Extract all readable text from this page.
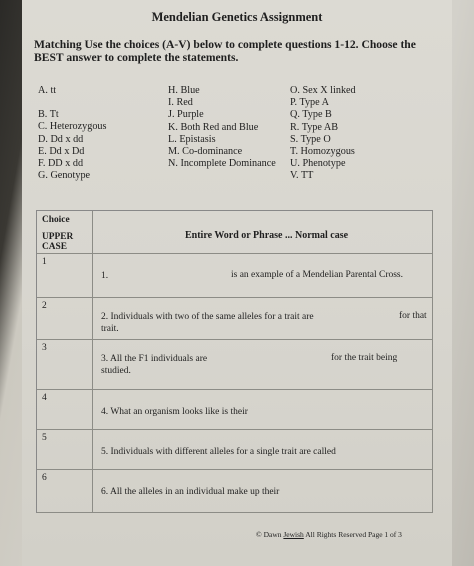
Mendelian Genetics Assignment
Matching Use the choices (A-V) below to complete questions 1-12. Choose the BEST answer to complete the statements.
A. tt
B. Tt
C. Heterozygous
D. Dd x dd
E. Dd x Dd
F. DD x dd
G. Genotype
H. Blue
I. Red
J. Purple
K. Both Red and Blue
L. Epistasis
M. Co-dominance
N. Incomplete Dominance
O. Sex X linked
P. Type A
Q. Type B
R. Type AB
S. Type O
T. Homozygous
U. Phenotype
V. TT
Choice
UPPER
CASE
Entire Word or Phrase ... Normal case
1
1.	is an example of a Mendelian Parental Cross.
2
2. Individuals with two of the same alleles for a trait are
trait.
for that
3
3. All the F1 individuals are
studied.
for the trait being
4
4. What an organism looks like is their
5
5. Individuals with different alleles for a single trait are called
6
6. All the alleles in an individual make up their
© Dawn Jewish All Rights Reserved Page 1 of 3
